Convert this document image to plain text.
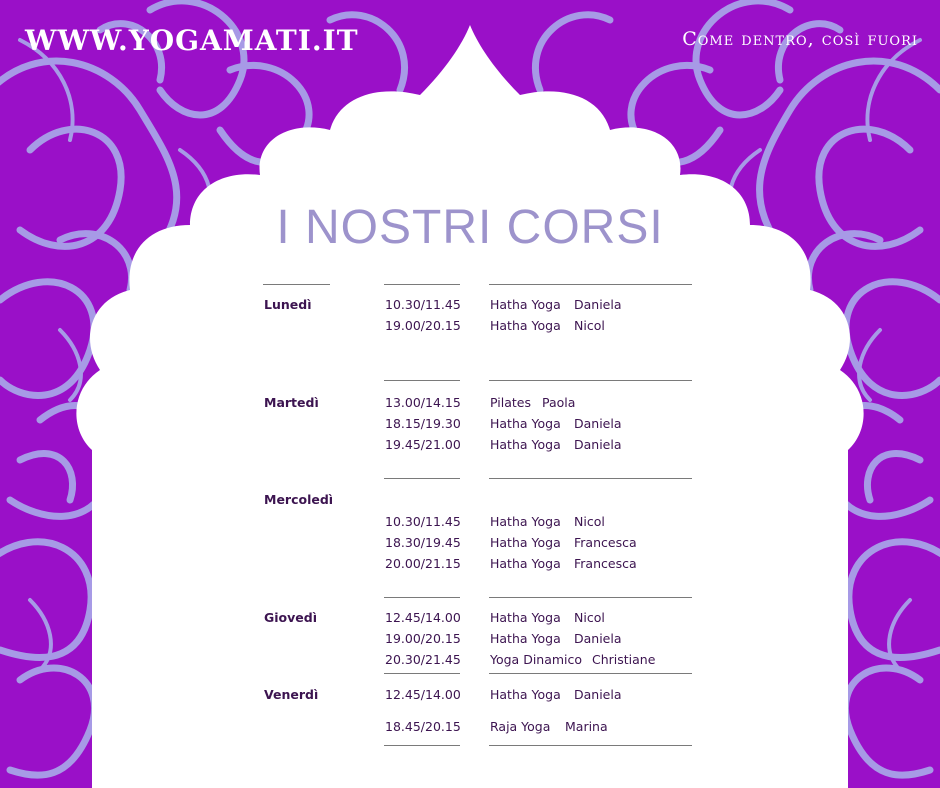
WWW.YOGAMATI.IT	Come dentro, così fuori
I NOSTRI CORSI
Lunedì	10.30/11.45 Hatha Yoga Daniela
19.00/20.15 Hatha Yoga Nicol
Martedì	13.00/14.15 Pilates Paola
18.15/19.30 Hatha Yoga Daniela
19.45/21.00 Hatha Yoga Daniela
Mercoledì
10.30/11.45 Hatha Yoga Nicol
18.30/19.45 Hatha Yoga Francesca
20.00/21.15 Hatha Yoga Francesca
Giovedì	12.45/14.00 Hatha Yoga Nicol
19.00/20.15 Hatha Yoga Daniela
20.30/21.45 Yoga Dinamico Christiane
Venerdì	12.45/14.00 Hatha Yoga Daniela
18.45/20.15 Raja Yoga Marina
